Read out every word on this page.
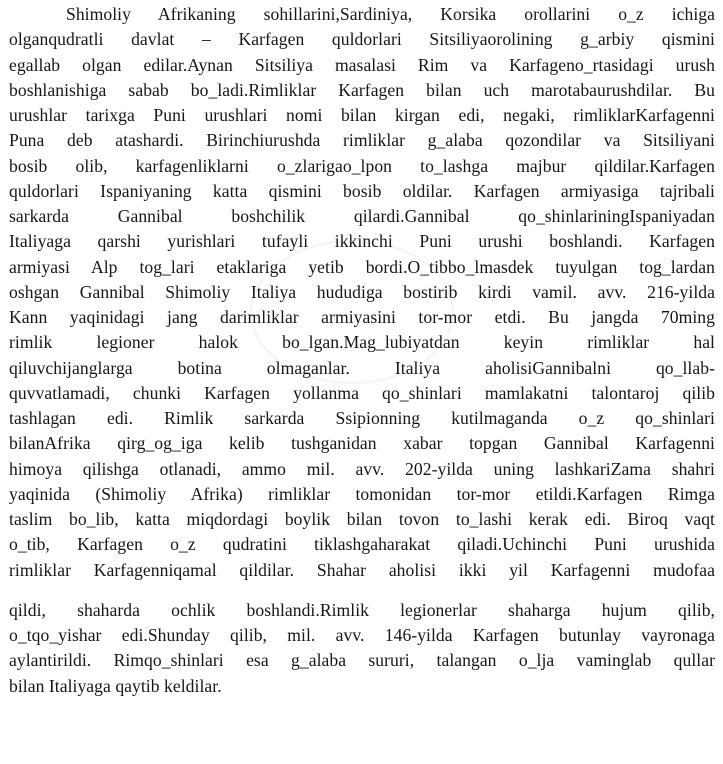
Shimoliy Afrikaning sohillarini,Sardiniya, Korsika orollarini o_z ichiga
olganqudratli davlat – Karfagen quldorlari Sitsiliyaorolining g_arbiy qismini
egallab olgan edilar.Aynan Sitsiliya masalasi Rim va Karfageno_rtasidagi urush
boshlanishiga sabab bo_ladi.Rimliklar Karfagen bilan uch marotabaurushdilar. Bu
urushlar tarixga Puni urushlari nomi bilan kirgan edi, negaki, rimliklarKarfagenni
Puna deb atashardi. Birinchiurushda rimliklar g_alaba qozondilar va Sitsiliyani
bosib olib, karfagenliklarni o_zlarigao_lpon to_lashga majbur qildilar.Karfagen
quldorlari Ispaniyaning katta qismini bosib oldilar. Karfagen armiyasiga tajribali
sarkarda Gannibal boshchilik qilardi.Gannibal qo_shinlariningIspaniyadan
Italiyaga qarshi yurishlari tufayli ikkinchi Puni urushi boshlandi. Karfagen
armiyasi Alp tog_lari etaklariga yetib bordi.O_tibbo_lmasdek tuyulgan tog_lardan
oshgan Gannibal Shimoliy Italiya hududiga bostirib kirdi vamil. avv. 216-yilda
Kann yaqinidagi jang darimliklar armiyasini tor-mor etdi. Bu jangda 70ming
rimlik legioner halok bo_lgan.Mag_lubiyatdan keyin rimliklar hal
qiluvchijanglarga botina olmaganlar. Italiya aholisiGannibalni qo_llab-
quvvatlamadi, chunki Karfagen yollanma qo_shinlari mamlakatni talontaroj qilib
tashlagan edi. Rimlik sarkarda Ssipionning kutilmaganda o_z qo_shinlari
bilanAfrika qirg_og_iga kelib tushganidan xabar topgan Gannibal Karfagenni
himoya qilishga otlanadi, ammo mil. avv. 202-yilda uning lashkariZama shahri
yaqinida (Shimoliy Afrika) rimliklar tomonidan tor-mor etildi.Karfagen Rimga
taslim bo_lib, katta miqdordagi boylik bilan tovon to_lashi kerak edi. Biroq vaqt
o_tib, Karfagen o_z qudratini tiklashgaharakat qiladi.Uchinchi Puni urushida
rimliklar Karfagenniqamal qildilar. Shahar aholisi ikki yil Karfagenni mudofaa
qildi, shaharda ochlik boshlandi.Rimlik legionerlar shaharga hujum qilib,
o_tqo_yishar edi.Shunday qilib, mil. avv. 146-yilda Karfagen butunlay vayronaga
aylantirildi. Rimqo_shinlari esa g_alaba sururi, talangan o_lja vaminglab qullar
bilan Italiyaga qaytib keldilar.
